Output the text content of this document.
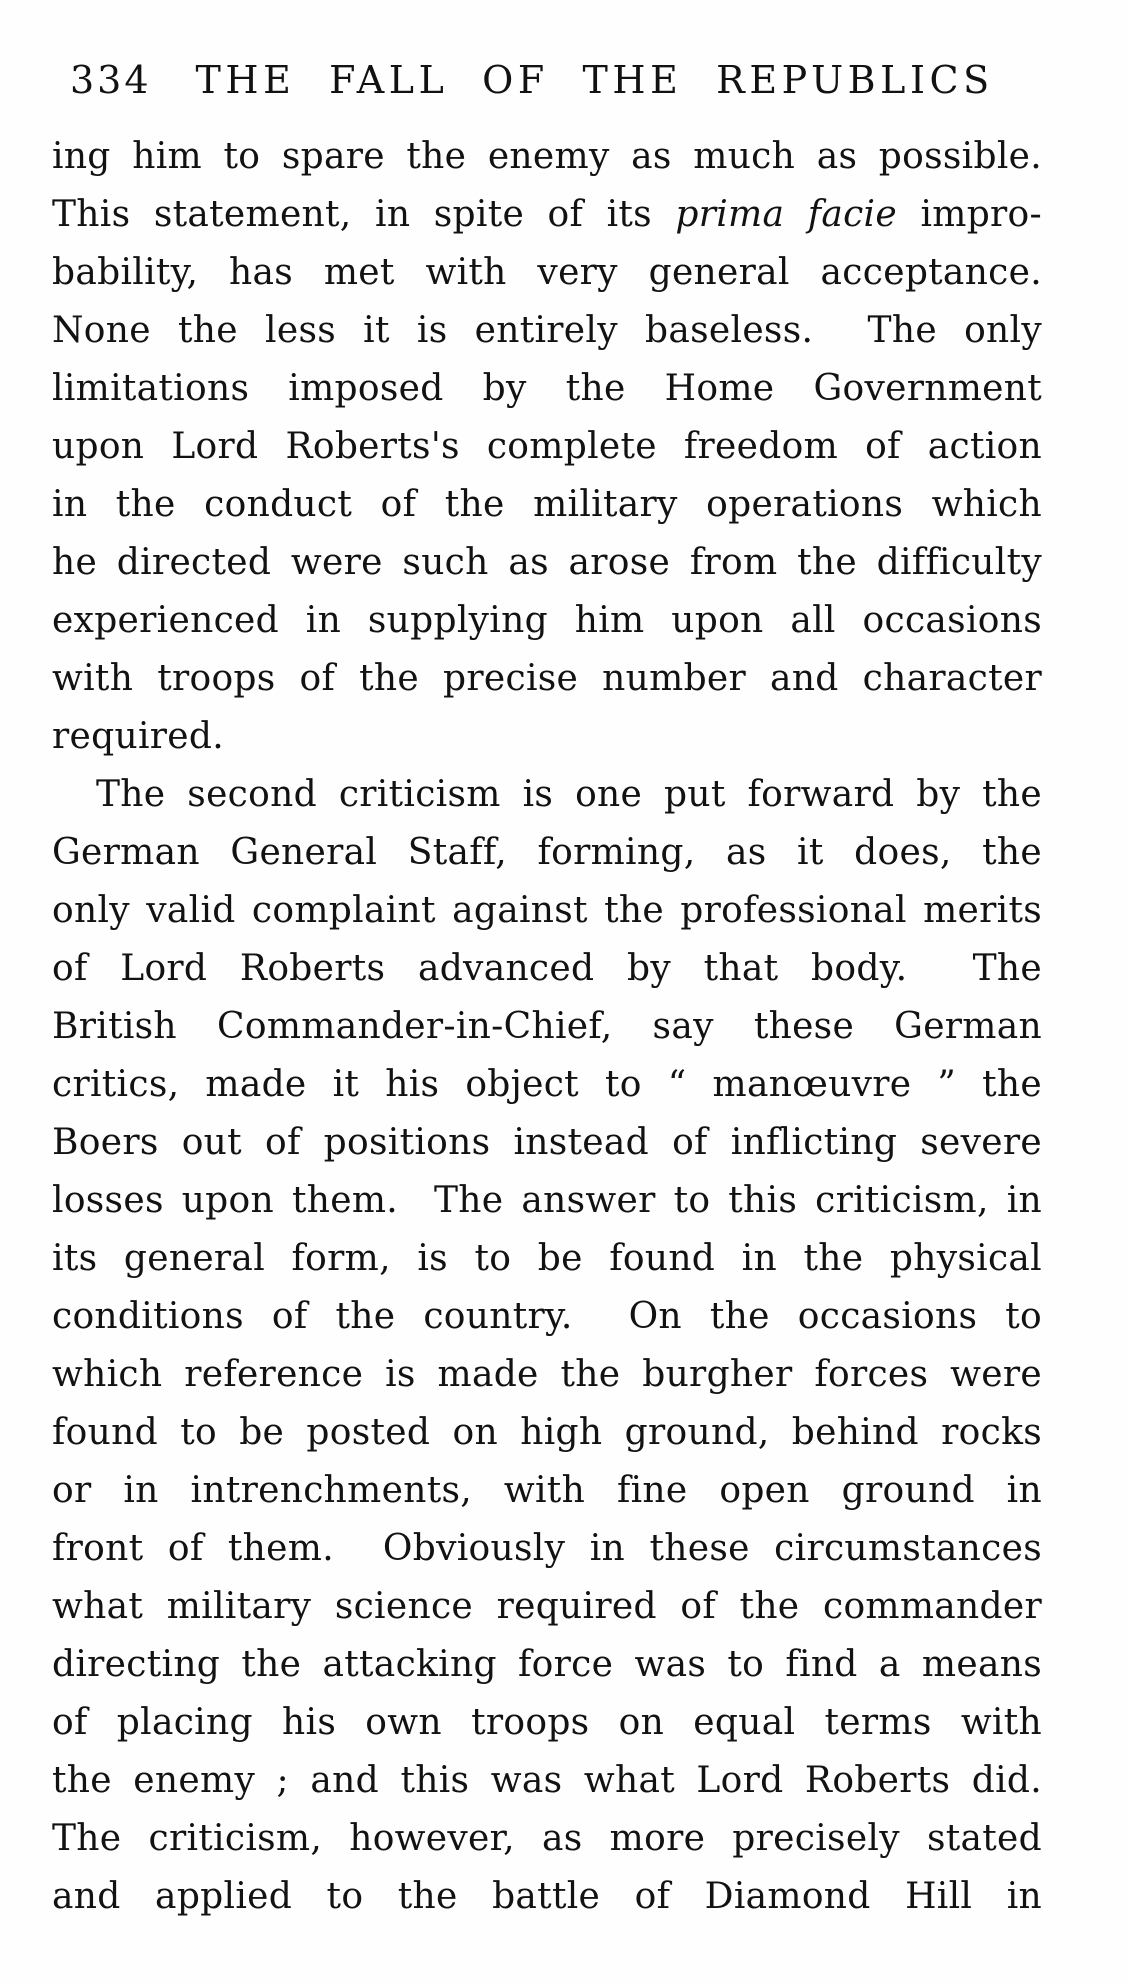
334 THE FALL OF THE REPUBLICS
ing him to spare the enemy as much as possible.
This statement, in spite of its prima facie impro-
bability, has met with very general acceptance.
None the less it is entirely baseless.  The only
limitations imposed by the Home Government
upon Lord Roberts's complete freedom of action
in the conduct of the military operations which
he directed were such as arose from the difficulty
experienced in supplying him upon all occasions
with troops of the precise number and character
required.
The second criticism is one put forward by the
German General Staff, forming, as it does, the
only valid complaint against the professional merits
of Lord Roberts advanced by that body.  The
British Commander-in-Chief, say these German
critics, made it his object to “ manœuvre ” the
Boers out of positions instead of inflicting severe
losses upon them.  The answer to this criticism, in
its general form, is to be found in the physical
conditions of the country.  On the occasions to
which reference is made the burgher forces were
found to be posted on high ground, behind rocks
or in intrenchments, with fine open ground in
front of them.  Obviously in these circumstances
what military science required of the commander
directing the attacking force was to find a means
of placing his own troops on equal terms with
the enemy ; and this was what Lord Roberts did.
The criticism, however, as more precisely stated
and applied to the battle of Diamond Hill in
